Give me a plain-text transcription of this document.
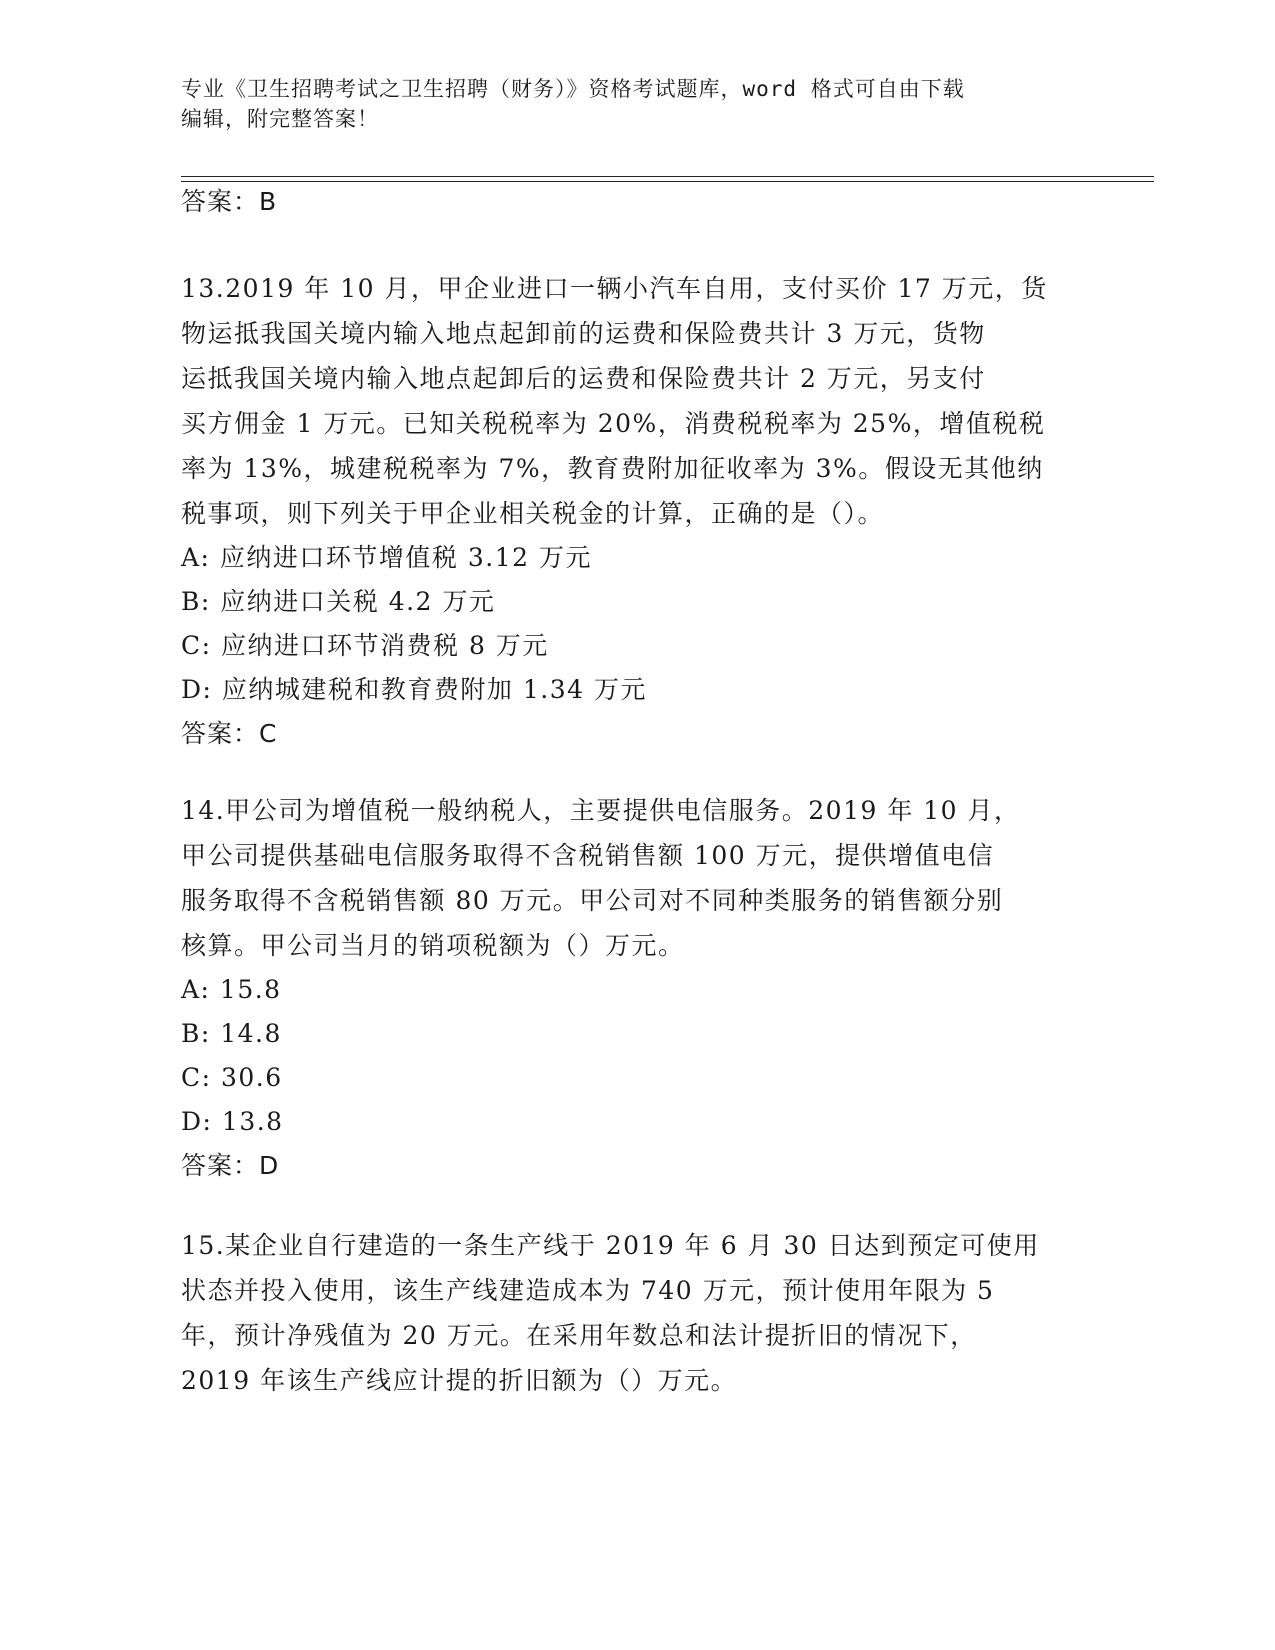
专业《卫生招聘考试之卫生招聘（财务）》资格考试题库，word 格式可自由下载
编辑，附完整答案！
答案：B

13.2019 年 10 月，甲企业进口一辆小汽车自用，支付买价 17 万元，货

物运抵我国关境内输入地点起卸前的运费和保险费共计 3 万元，货物

运抵我国关境内输入地点起卸后的运费和保险费共计 2 万元，另支付

买方佣金 1 万元。已知关税税率为 20%，消费税税率为 25%，增值税税

率为 13%，城建税税率为 7%，教育费附加征收率为 3%。假设无其他纳

税事项，则下列关于甲企业相关税金的计算，正确的是（）。

A: 应纳进口环节增值税 3.12 万元

B: 应纳进口关税 4.2 万元

C: 应纳进口环节消费税 8 万元

D: 应纳城建税和教育费附加 1.34 万元

答案：C

14.甲公司为增值税一般纳税人，主要提供电信服务。2019 年 10 月，

甲公司提供基础电信服务取得不含税销售额 100 万元，提供增值电信

服务取得不含税销售额 80 万元。甲公司对不同种类服务的销售额分别

核算。甲公司当月的销项税额为（）万元。

A: 15.8

B: 14.8

C: 30.6

D: 13.8

答案：D

15.某企业自行建造的一条生产线于 2019 年 6 月 30 日达到预定可使用

状态并投入使用，该生产线建造成本为 740 万元，预计使用年限为 5

年，预计净残值为 20 万元。在采用年数总和法计提折旧的情况下，

2019 年该生产线应计提的折旧额为（）万元。
